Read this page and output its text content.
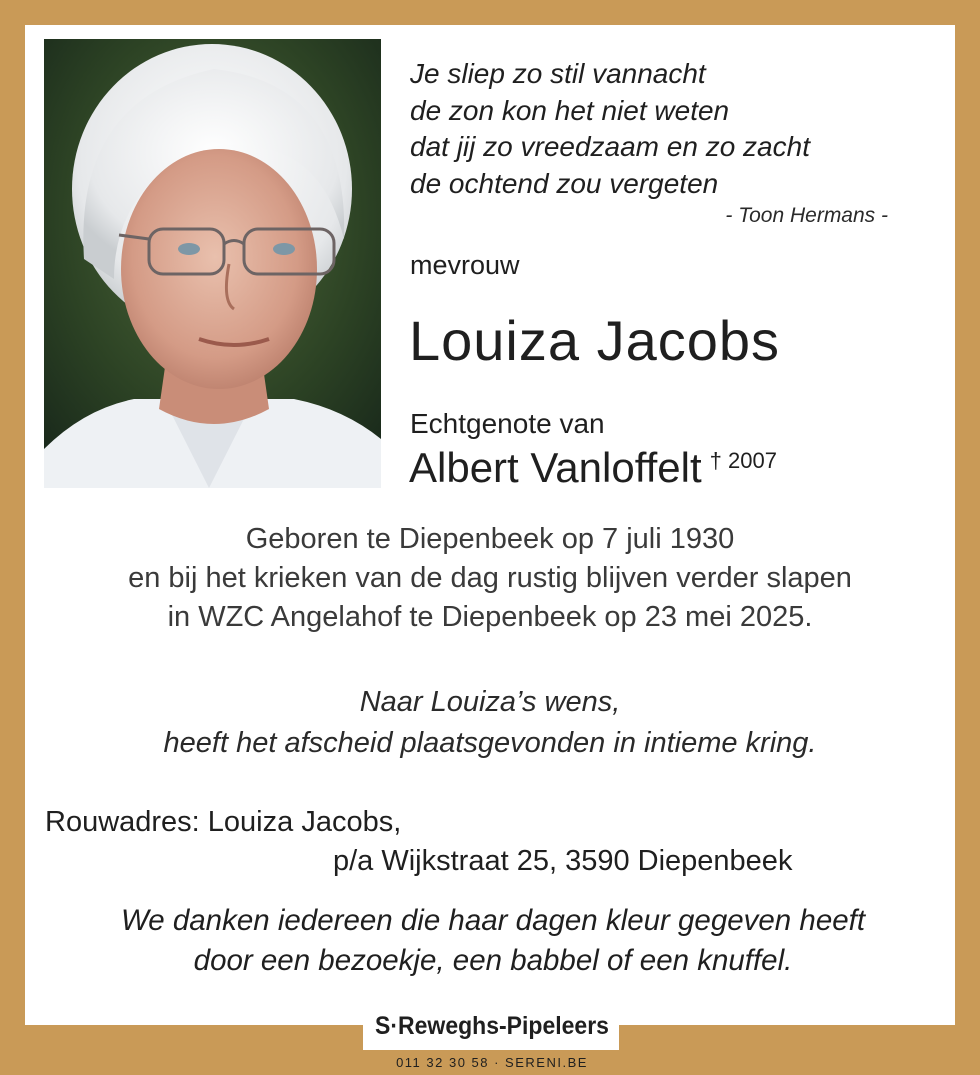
Je sliep zo stil vannacht
de zon kon het niet weten
dat jij zo vreedzaam en zo zacht
de ochtend zou vergeten
- Toon Hermans -
mevrouw
Louiza Jacobs
Echtgenote van
Albert Vanloffelt † 2007
Geboren te Diepenbeek op 7 juli 1930
en bij het krieken van de dag rustig blijven verder slapen
in WZC Angelahof te Diepenbeek op 23 mei 2025.
Naar Louiza’s wens,
heeft het afscheid plaatsgevonden in intieme kring.
Rouwadres: Louiza Jacobs,
p/a Wijkstraat 25, 3590 Diepenbeek
We danken iedereen die haar dagen kleur gegeven heeft
door een bezoekje, een babbel of een knuffel.
S·Reweghs-Pipeleers
011 32 30 58 · SERENI.BE
